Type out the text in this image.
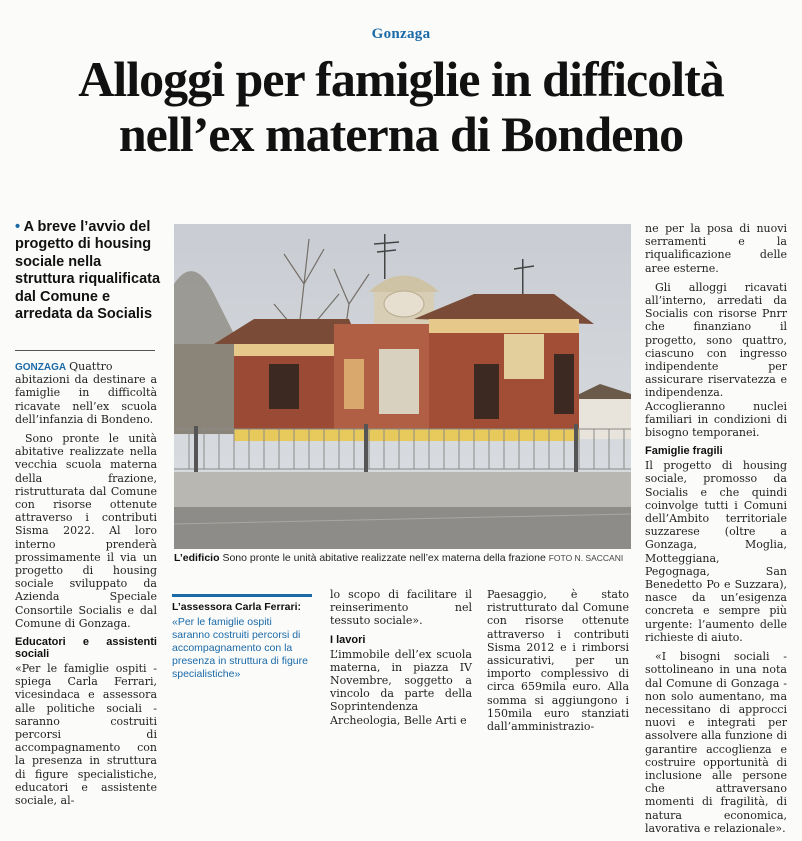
Gonzaga
Alloggi per famiglie in difficoltà
nell’ex materna di Bondeno
• A breve l’avvio del progetto di housing sociale nella struttura riqualificata dal Comune e arredata da Socialis

GONZAGA Quattro abitazioni da destinare a famiglie in difficoltà ricavate nell’ex scuola dell’infanzia di Bondeno.

Sono pronte le unità abitative realizzate nella vecchia scuola materna della frazione, ristrutturata dal Comune con risorse ottenute attraverso i contributi Sisma 2022. Al loro interno prenderà prossimamente il via un progetto di housing sociale sviluppato da Azienda Speciale Consortile Socialis e dal Comune di Gonzaga.

Educatori e assistenti sociali

«Per le famiglie ospiti - spiega Carla Ferrari, vicesindaca e assessora alle politiche sociali - saranno costruiti percorsi di accompagnamento con la presenza in struttura di figure specialistiche, educatori e assistente sociale, al-

L’edificio Sono pronte le unità abitative realizzate nell’ex materna della frazione FOTO N. SACCANI
L’assessora Carla Ferrari:
«Per le famiglie ospiti saranno costruiti percorsi di accompagnamento con la presenza in struttura di figure specialistiche»

lo scopo di facilitare il reinserimento nel tessuto sociale».

I lavori

L’immobile dell’ex scuola materna, in piazza IV Novembre, soggetto a vincolo da parte della Soprintendenza Archeologia, Belle Arti e

Paesaggio, è stato ristrutturato dal Comune con risorse ottenute attraverso i contributi Sisma 2012 e i rimborsi assicurativi, per un importo complessivo di circa 659mila euro. Alla somma si aggiungono i 150mila euro stanziati dall’amministrazio-

ne per la posa di nuovi serramenti e la riqualificazione delle aree esterne.

Gli alloggi ricavati all’interno, arredati da Socialis con risorse Pnrr che finanziano il progetto, sono quattro, ciascuno con ingresso indipendente per assicurare riservatezza e indipendenza. Accoglieranno nuclei familiari in condizioni di bisogno temporanei.

Famiglie fragili

Il progetto di housing sociale, promosso da Socialis e che quindi coinvolge tutti i Comuni dell’Ambito territoriale suzzarese (oltre a Gonzaga, Moglia, Motteggiana, Pegognaga, San Benedetto Po e Suzzara), nasce da un’esigenza concreta e sempre più urgente: l’aumento delle richieste di aiuto.

«I bisogni sociali - sottolineano in una nota dal Comune di Gonzaga - non solo aumentano, ma necessitano di approcci nuovi e integrati per assolvere alla funzione di garantire accoglienza e costruire opportunità di inclusione alle persone che attraversano momenti di fragilità, di natura economica, lavorativa e relazionale».
